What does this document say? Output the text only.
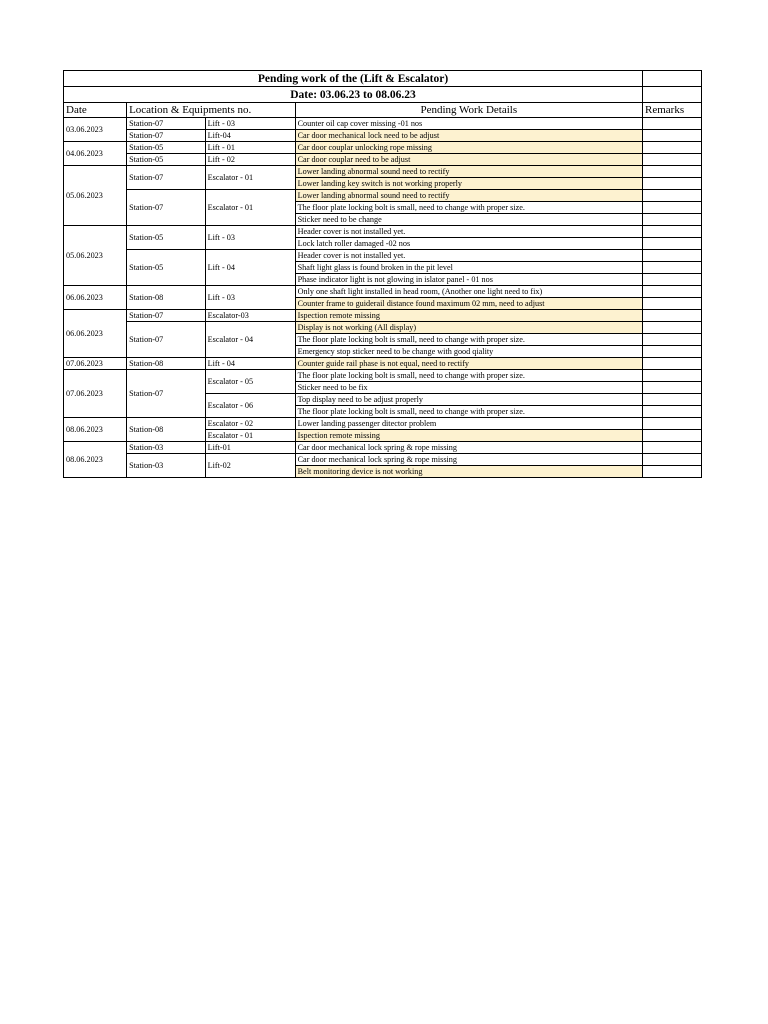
Pending work of the (Lift & Escalator)				
Date: 03.06.23 to 08.06.23				
Date	Location & Equipments no.		Pending Work Details	Remarks
03.06.2023	Station-07	Lift - 03	Counter oil cap cover missing -01 nos	
	Station-07	Lift-04	Car door mechanical lock need to be adjust	
04.06.2023	Station-05	Lift - 01	Car door couplar unlocking rope missing	
	Station-05	Lift - 02	Car door couplar need to be adjust	
05.06.2023	Station-07	Escalator - 01	Lower landing abnormal sound need to rectify	
			Lower landing key switch is not working properly	
	Station-07	Escalator - 01	Lower landing abnormal sound need to rectify	
			The floor plate locking bolt is small, need to change with proper size.	
			Sticker need to be change	
05.06.2023	Station-05	Lift - 03	Header cover is not installed yet.	
			Lock latch roller damaged -02 nos	
	Station-05	Lift - 04	Header cover is not installed yet.	
			Shaft light glass is found broken in the pit level	
			Phase indicator light is not glowing in islator panel - 01 nos	
06.06.2023	Station-08	Lift - 03	Only one shaft light installed in head room, (Another one light need to fix)	
			Counter frame to guiderail distance found maximum 02 mm, need to adjust	
06.06.2023	Station-07	Escalator-03	Ispection remote missing	
	Station-07	Escalator - 04	Display is not working (All display)	
			The floor plate locking bolt is small, need to change with proper size.	
			Emergency stop sticker need to be change with good qiality	
07.06.2023	Station-08	Lift - 04	Counter guide rail phase is not equal, need to rectify	
07.06.2023	Station-07	Escalator - 05	The floor plate locking bolt is small, need to change with proper size.	
			Sticker need to be fix	
		Escalator - 06	Top display need to be adjust properly	
			The floor plate locking bolt is small, need to change with proper size.	
08.06.2023	Station-08	Escalator - 02	Lower landing passenger ditector problem	
		Escalator - 01	Ispection remote missing	
08.06.2023	Station-03	Lift-01	Car door mechanical lock spring & rope missing	
	Station-03	Lift-02	Car door mechanical lock spring & rope missing	
			Belt monitoring device is not working	
